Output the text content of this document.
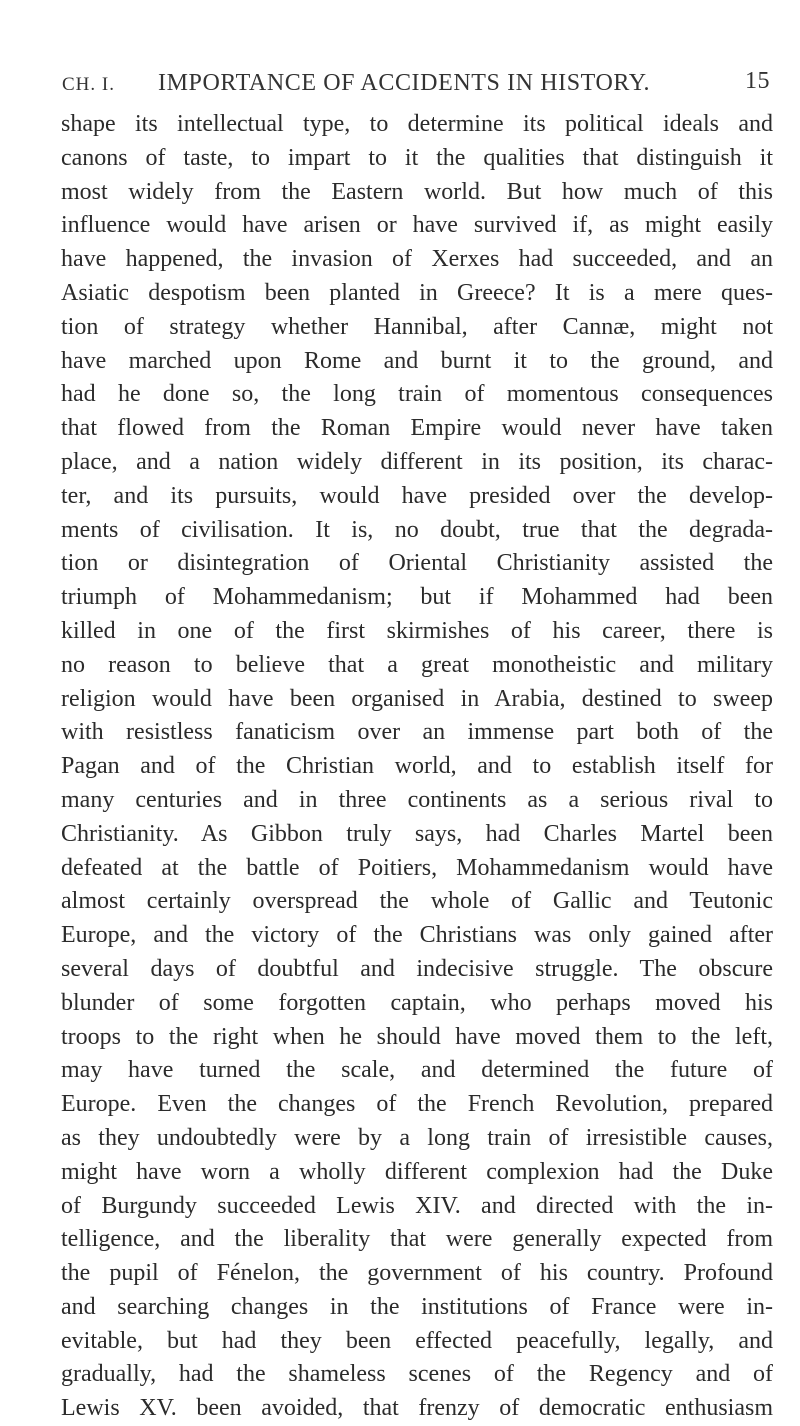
CH. I. IMPORTANCE OF ACCIDENTS IN HISTORY.	15
shape its intellectual type, to determine its political ideals and
canons of taste, to impart to it the qualities that distinguish it
most widely from the Eastern world. But how much of this
influence would have arisen or have survived if, as might easily
have happened, the invasion of Xerxes had succeeded, and an
Asiatic despotism been planted in Greece? It is a mere ques-
tion of strategy whether Hannibal, after Cannæ, might not
have marched upon Rome and burnt it to the ground, and
had he done so, the long train of momentous consequences
that flowed from the Roman Empire would never have taken
place, and a nation widely different in its position, its charac-
ter, and its pursuits, would have presided over the develop-
ments of civilisation. It is, no doubt, true that the degrada-
tion or disintegration of Oriental Christianity assisted the
triumph of Mohammedanism; but if Mohammed had been
killed in one of the first skirmishes of his career, there is
no reason to believe that a great monotheistic and military
religion would have been organised in Arabia, destined to sweep
with resistless fanaticism over an immense part both of the
Pagan and of the Christian world, and to establish itself for
many centuries and in three continents as a serious rival to
Christianity. As Gibbon truly says, had Charles Martel been
defeated at the battle of Poitiers, Mohammedanism would have
almost certainly overspread the whole of Gallic and Teutonic
Europe, and the victory of the Christians was only gained after
several days of doubtful and indecisive struggle. The obscure
blunder of some forgotten captain, who perhaps moved his
troops to the right when he should have moved them to the left,
may have turned the scale, and determined the future of
Europe. Even the changes of the French Revolution, prepared
as they undoubtedly were by a long train of irresistible causes,
might have worn a wholly different complexion had the Duke
of Burgundy succeeded Lewis XIV. and directed with the in-
telligence, and the liberality that were generally expected from
the pupil of Fénelon, the government of his country. Profound
and searching changes in the institutions of France were in-
evitable, but had they been effected peacefully, legally, and
gradually, had the shameless scenes of the Regency and of
Lewis XV. been avoided, that frenzy of democratic enthusiasm
